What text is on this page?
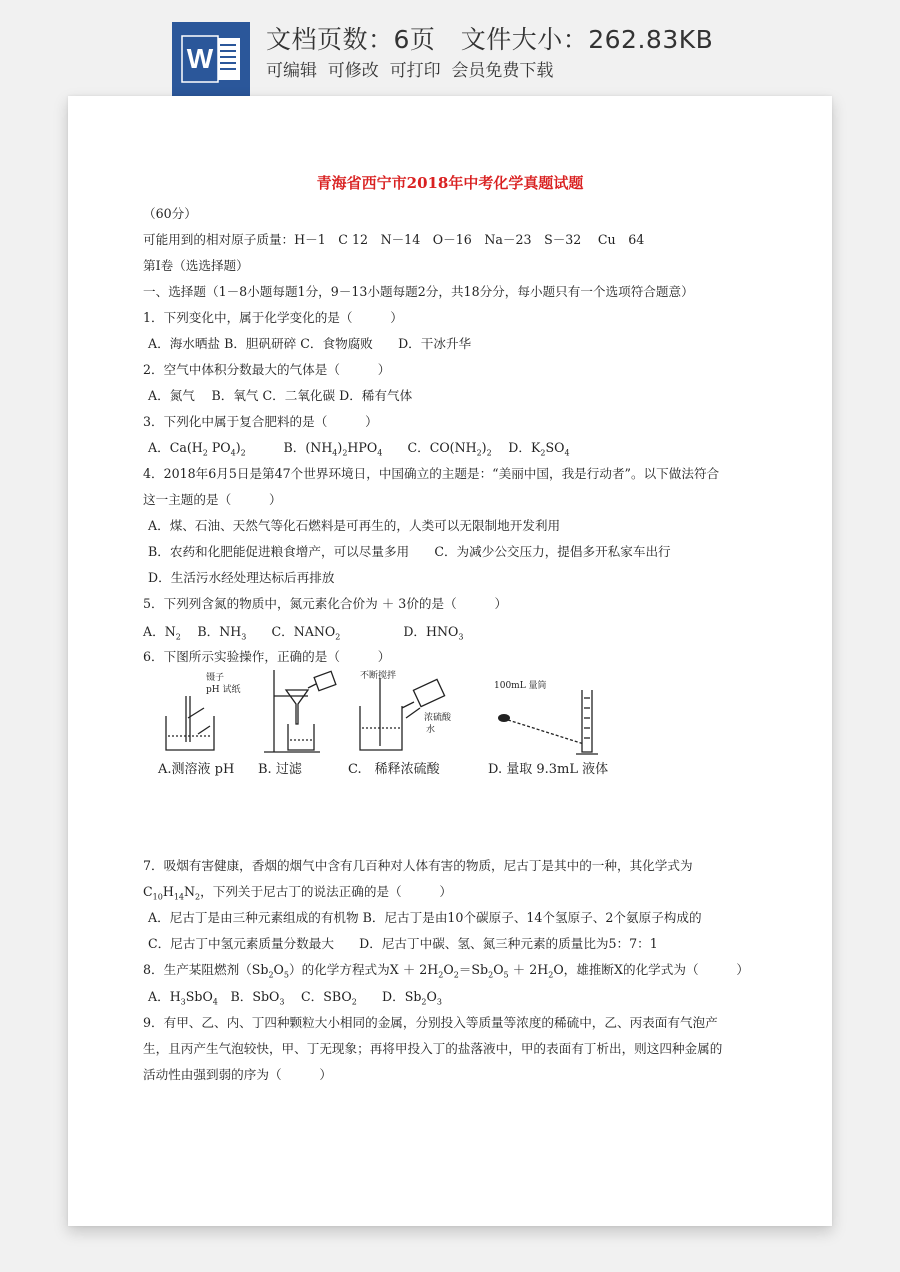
W
文档页数：6页   文件大小：262.83KB
可编辑  可修改  可打印  会员免费下载
青海省西宁市2018年中考化学真题试题
（60分）
可能用到的相对原子质量：H－1　C 12　N－14　O－16　Na－23　S－32　 Cu　64
第Ⅰ卷（选选择题）
一、选择题（1－8小题每题1分，9－13小题每题2分，共18分分，每小题只有一个选项符合题意）
1．下列变化中，属于化学变化的是（　　　）
A．海水晒盐 B．胆矾研碎 C．食物腐败　　D．干冰升华
2．空气中体积分数最大的气体是（　　　）
A．氮气　 B．氧气 C．二氧化碳 D．稀有气体
3．下列化中属于复合肥料的是（　　　）
A．$Ca(H_2$ $PO_4)_2$　　　B．$(NH_4)_2HPO_4$　　C．$CO(NH_2)_2$　 D．$K_2SO_4$
4．2018年6月5日是第47个世界环境日，中国确立的主题是：“美丽中国，我是行动者”。以下做法符合
这一主题的是（　　　）
A．煤、石油、天然气等化石燃料是可再生的，人类可以无限制地开发利用
B．农药和化肥能促进粮食增产，可以尽量多用　　C．为减少公交压力，提倡多开私家车出行
D．生活污水经处理达标后再排放
5．下列列含氮的物质中，氮元素化合价为 ＋ 3价的是（　　　）
A．$N_2$　 B．$NH_3$　　C．$NANO_2$　　　　　D．$HNO_3$
6．下图所示实验操作，正确的是（　　　）
镊子
pH 试纸
不断搅拌
浓硫酸
水
100mL 量筒
A.测溶液 pH B. 过滤	C.　稀释浓硫酸	D. 量取 9.3mL 液体
7．吸烟有害健康，香烟的烟气中含有几百种对人体有害的物质，尼古丁是其中的一种，其化学式为
$C_{10}H_{14}N_2$，下列关于尼古丁的说法正确的是（　　　）
A．尼古丁是由三种元素组成的有机物 B．尼古丁是由10个碳原子、14个氢原子、2个氨原子构成的
C．尼古丁中氢元素质量分数最大　　D．尼古丁中碳、氢、氮三种元素的质量比为5：7：1
8．生产某阻燃剂$(Sb_2O_5)$的化学方程式为$X + 2H_2O_2=Sb_2O_5 + 2H_2O$，雄推断X的化学式为（　　　）
A．$H_3SbO_4$　B．SbO$_3$　 C．$SBO_2$　　D．$Sb_2O_3$
9．有甲、乙、内、丁四种颗粒大小相同的金属，分别投入等质量等浓度的稀硫中，乙、丙表面有气泡产
生，且丙产生气泡较快，甲、丁无现象；再将甲投入丁的盐落液中，甲的表面有丁析出，则这四种金属的
活动性由强到弱的序为（　　　）
